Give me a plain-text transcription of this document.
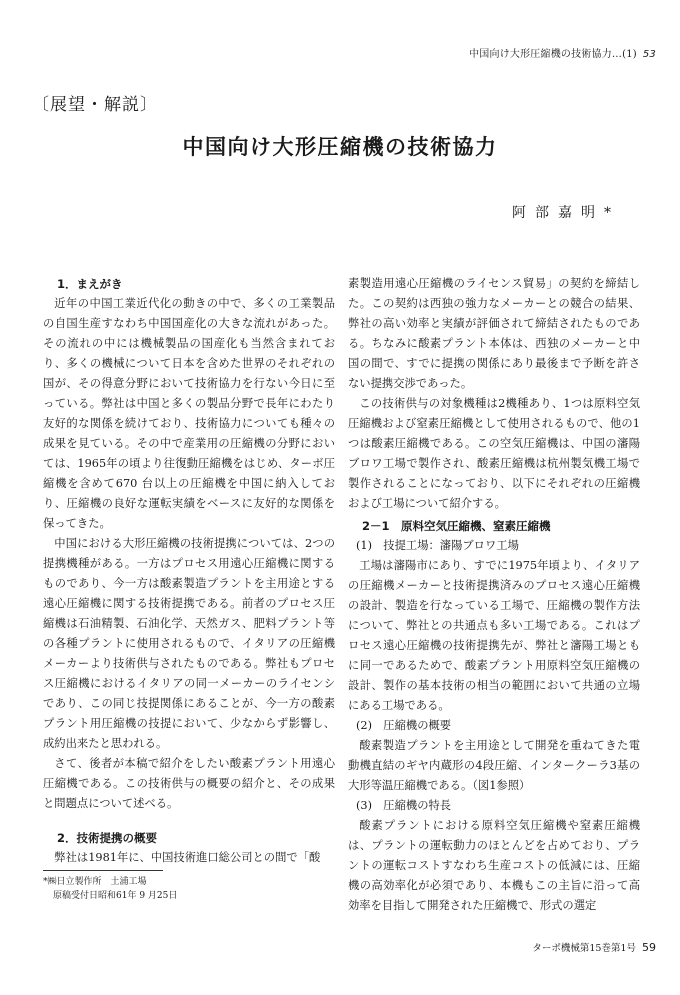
中国向け大形圧縮機の技術協力…(1) 53
〔展望・解説〕
中国向け大形圧縮機の技術協力
阿部嘉明*
1．まえがき

近年の中国工業近代化の動きの中で、多くの工業製品の自国生産すなわち中国国産化の大きな流れがあった。その流れの中には機械製品の国産化も当然含まれており、多くの機械について日本を含めた世界のそれぞれの国が、その得意分野において技術協力を行ない今日に至っている。弊社は中国と多くの製品分野で長年にわたり友好的な関係を続けており、技術協力についても種々の成果を見ている。その中で産業用の圧縮機の分野においては、1965年の頃より往復動圧縮機をはじめ、ターボ圧縮機を含めて670 台以上の圧縮機を中国に納入しており、圧縮機の良好な運転実績をベースに友好的な関係を保ってきた。

中国における大形圧縮機の技術提携については、2つの提携機種がある。一方はプロセス用遠心圧縮機に関するものであり、今一方は酸素製造プラントを主用途とする遠心圧縮機に関する技術提携である。前者のプロセス圧縮機は石油精製、石油化学、天然ガス、肥料プラント等の各種プラントに使用されるもので、イタリアの圧縮機メーカーより技術供与されたものである。弊社もプロセス圧縮機におけるイタリアの同一メーカーのライセンシであり、この同じ技提関係にあることが、今一方の酸素プラント用圧縮機の技提において、少なからず影響し、成約出来たと思われる。

さて、後者が本稿で紹介をしたい酸素プラント用遠心圧縮機である。この技術供与の概要の紹介と、その成果と問題点について述べる。

2．技術提携の概要

弊社は1981年に、中国技術進口総公司との間で「酸

素製造用遠心圧縮機のライセンス貿易」の契約を締結した。この契約は西独の強力なメーカーとの競合の結果、弊社の高い効率と実績が評価されて締結されたものである。ちなみに酸素プラント本体は、西独のメーカーと中国の間で、すでに提携の関係にあり最後まで予断を許さない提携交渉であった。

この技術供与の対象機種は2機種あり、1つは原料空気圧縮機および窒素圧縮機として使用されるもので、他の1つは酸素圧縮機である。この空気圧縮機は、中国の瀋陽ブロワ工場で製作され、酸素圧縮機は杭州製気機工場で製作されることになっており、以下にそれぞれの圧縮機および工場について紹介する。

2－1　原料空気圧縮機、窒素圧縮機
(1)　技提工場：瀋陽ブロワ工場

工場は瀋陽市にあり、すでに1975年頃より、イタリアの圧縮機メーカーと技術提携済みのプロセス遠心圧縮機の設計、製造を行なっている工場で、圧縮機の製作方法について、弊社との共通点も多い工場である。これはプロセス遠心圧縮機の技術提携先が、弊社と瀋陽工場ともに同一であるためで、酸素プラント用原料空気圧縮機の設計、製作の基本技術の相当の範囲において共通の立場にある工場である。

(2)　圧縮機の概要

酸素製造プラントを主用途として開発を重ねてきた電動機直結のギヤ内蔵形の4段圧縮、インタークーラ3基の大形等温圧縮機である。（図1参照）

(3)　圧縮機の特長

酸素プラントにおける原料空気圧縮機や窒素圧縮機は、プラントの運転動力のほとんどを占めており、プラントの運転コストすなわち生産コストの低減には、圧縮機の高効率化が必須であり、本機もこの主旨に沿って高効率を目指して開発された圧縮機で、形式の選定

*㈱日立製作所　土浦工場
原稿受付日昭和61年 9 月25日
ターボ機械第15巻第1号 59
